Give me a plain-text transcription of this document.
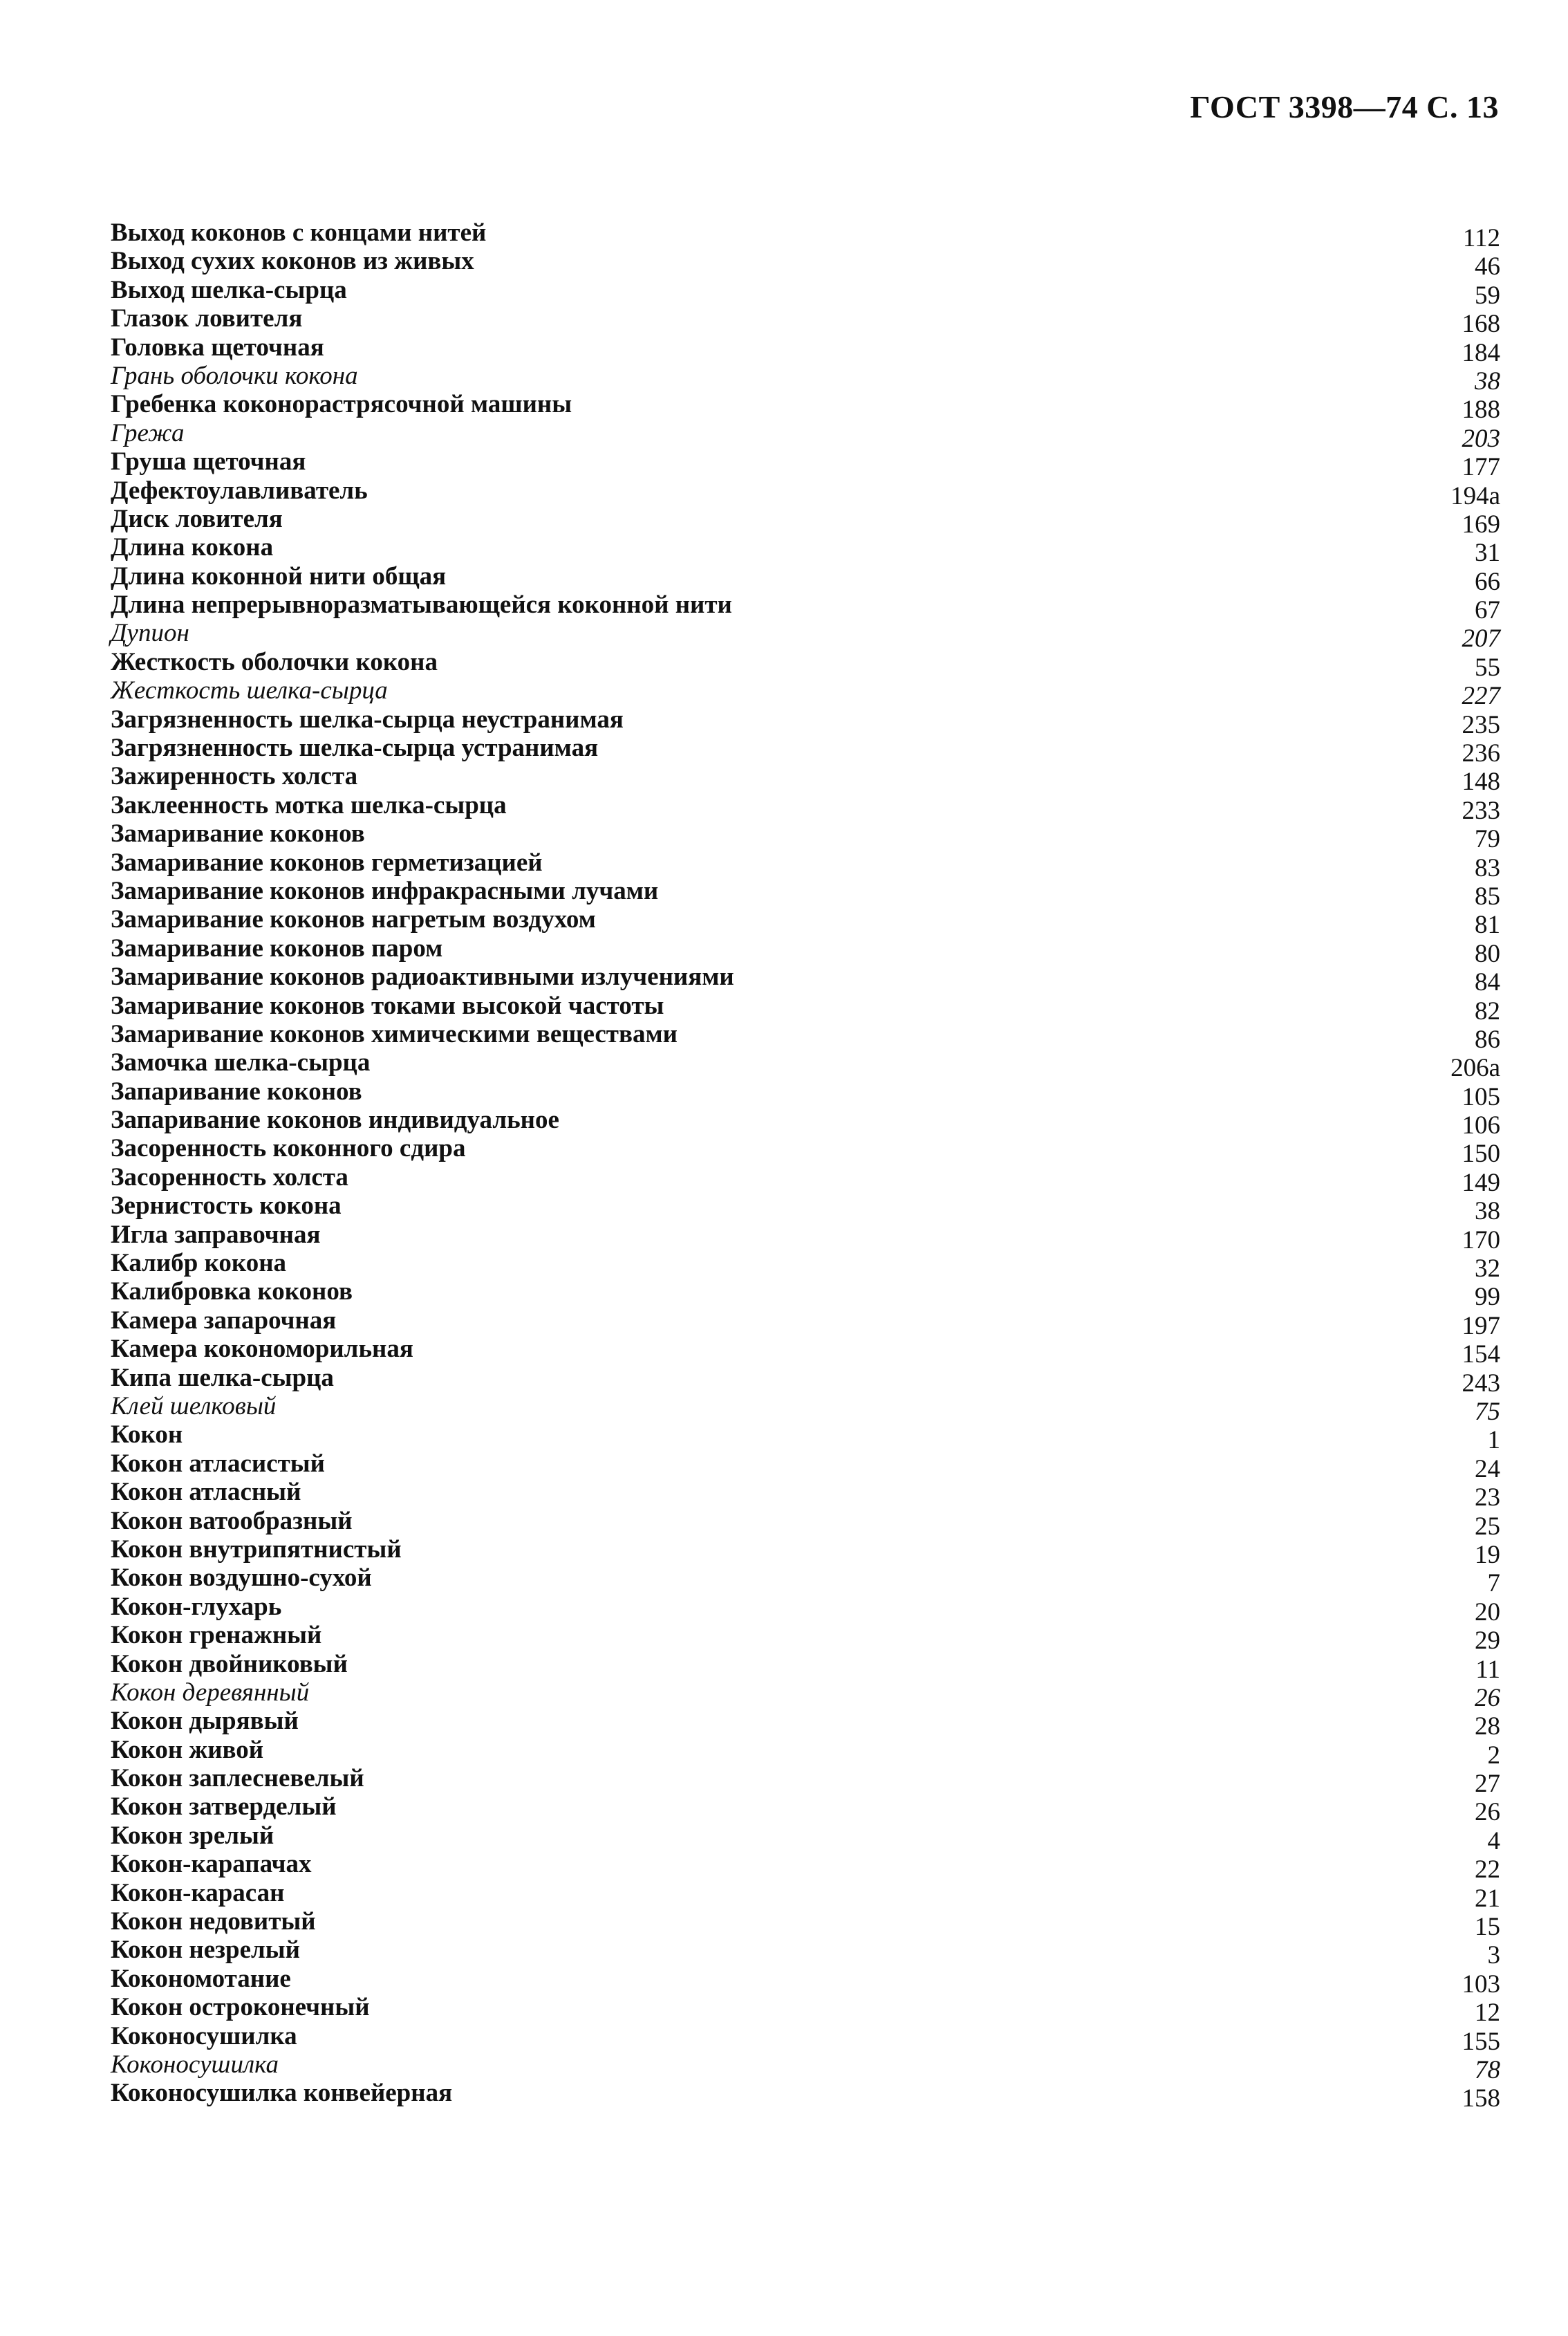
ГОСТ 3398—74 С. 13
Выход коконов с концами нитей	112
Выход сухих коконов из живых	46
Выход шелка-сырца	59
Глазок ловителя	168
Головка щеточная	184
Грань оболочки кокона	38
Гребенка коконорастрясочной машины	188
Грежа	203
Груша щеточная	177
Дефектоулавливатель	194а
Диск ловителя	169
Длина кокона	31
Длина коконной нити общая	66
Длина непрерывноразматывающейся коконной нити	67
Дупион	207
Жесткость оболочки кокона	55
Жесткость шелка-сырца	227
Загрязненность шелка-сырца неустранимая	235
Загрязненность шелка-сырца устранимая	236
Зажиренность холста	148
Заклеенность мотка шелка-сырца	233
Замаривание коконов	79
Замаривание коконов герметизацией	83
Замаривание коконов инфракрасными лучами	85
Замаривание коконов нагретым воздухом	81
Замаривание коконов паром	80
Замаривание коконов радиоактивными излучениями	84
Замаривание коконов токами высокой частоты	82
Замаривание коконов химическими веществами	86
Замочка шелка-сырца	206а
Запаривание коконов	105
Запаривание коконов индивидуальное	106
Засоренность коконного сдира	150
Засоренность холста	149
Зернистость кокона	38
Игла заправочная	170
Калибр кокона	32
Калибровка коконов	99
Камера запарочная	197
Камера кокономорильная	154
Кипа шелка-сырца	243
Клей шелковый	75
Кокон	1
Кокон атласистый	24
Кокон атласный	23
Кокон ватообразный	25
Кокон внутрипятнистый	19
Кокон воздушно-сухой	7
Кокон-глухарь	20
Кокон гренажный	29
Кокон двойниковый	11
Кокон деревянный	26
Кокон дырявый	28
Кокон живой	2
Кокон заплесневелый	27
Кокон затверделый	26
Кокон зрелый	4
Кокон-карапачах	22
Кокон-карасан	21
Кокон недовитый	15
Кокон незрелый	3
Кокономотание	103
Кокон остроконечный	12
Коконосушилка	155
Коконосушилка	78
Коконосушилка конвейерная	158
